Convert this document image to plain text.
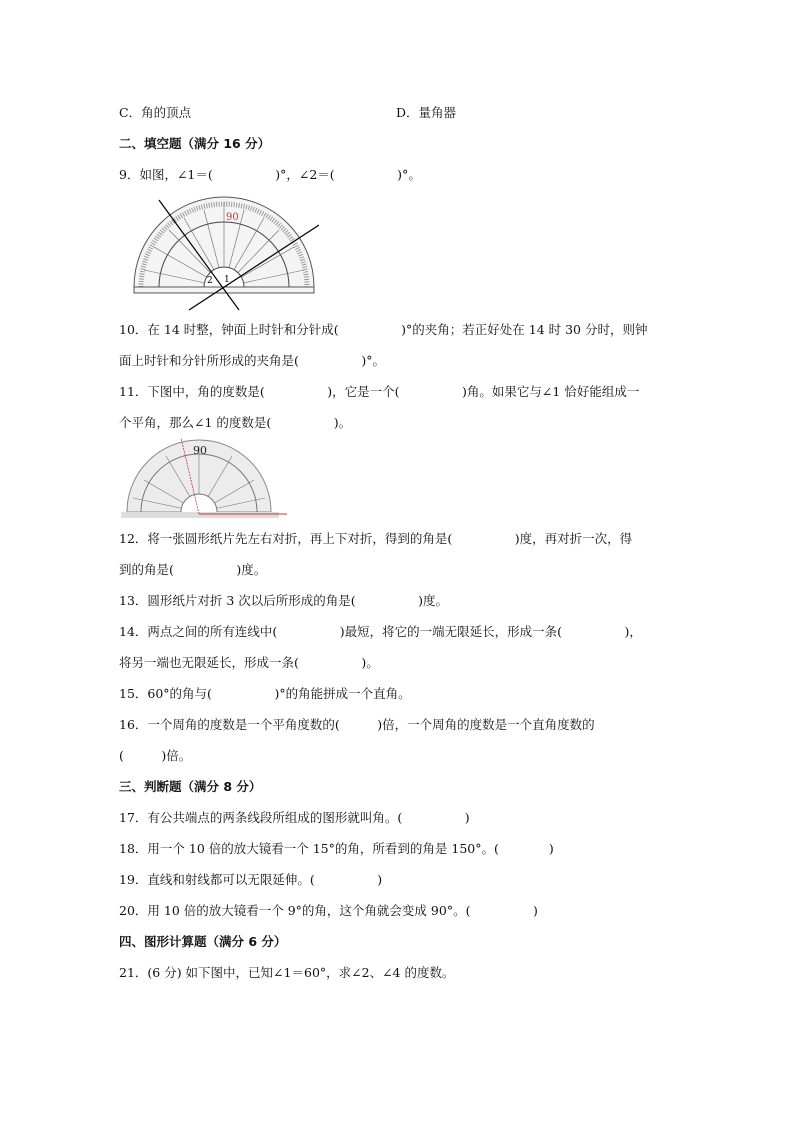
C．角的顶点	D．量角器
二、填空题（满分 16 分）
9．如图，∠1＝(　　　　　)°，∠2＝(　　　　　)°。
90
1
2
10．在 14 时整，钟面上时针和分针成(　　　　　)°的夹角；若正好处在 14 时 30 分时，则钟
面上时针和分针所形成的夹角是(　　　　　)°。
11．下图中，角的度数是(　　　　　)，它是一个(　　　　　)角。如果它与∠1 恰好能组成一
个平角，那么∠1 的度数是(　　　　　)。
90
12．将一张圆形纸片先左右对折，再上下对折，得到的角是(　　　　　)度，再对折一次，得
到的角是(　　　　　)度。
13．圆形纸片对折 3 次以后所形成的角是(　　　　　)度。
14．两点之间的所有连线中(　　　　　)最短，将它的一端无限延长，形成一条(　　　　　)，
将另一端也无限延长，形成一条(　　　　　)。
15．60°的角与(　　　　　)°的角能拼成一个直角。
16．一个周角的度数是一个平角度数的(　　　)倍，一个周角的度数是一个直角度数的
(　　　)倍。
三、判断题（满分 8 分）
17．有公共端点的两条线段所组成的图形就叫角。(　　　　　)
18．用一个 10 倍的放大镜看一个 15°的角，所看到的角是 150°。(　　　　)
19．直线和射线都可以无限延伸。(　　　　　)
20．用 10 倍的放大镜看一个 9°的角，这个角就会变成 90°。(　　　　　)
四、图形计算题（满分 6 分）
21．(6 分) 如下图中，已知∠1＝60°，求∠2、∠4 的度数。
